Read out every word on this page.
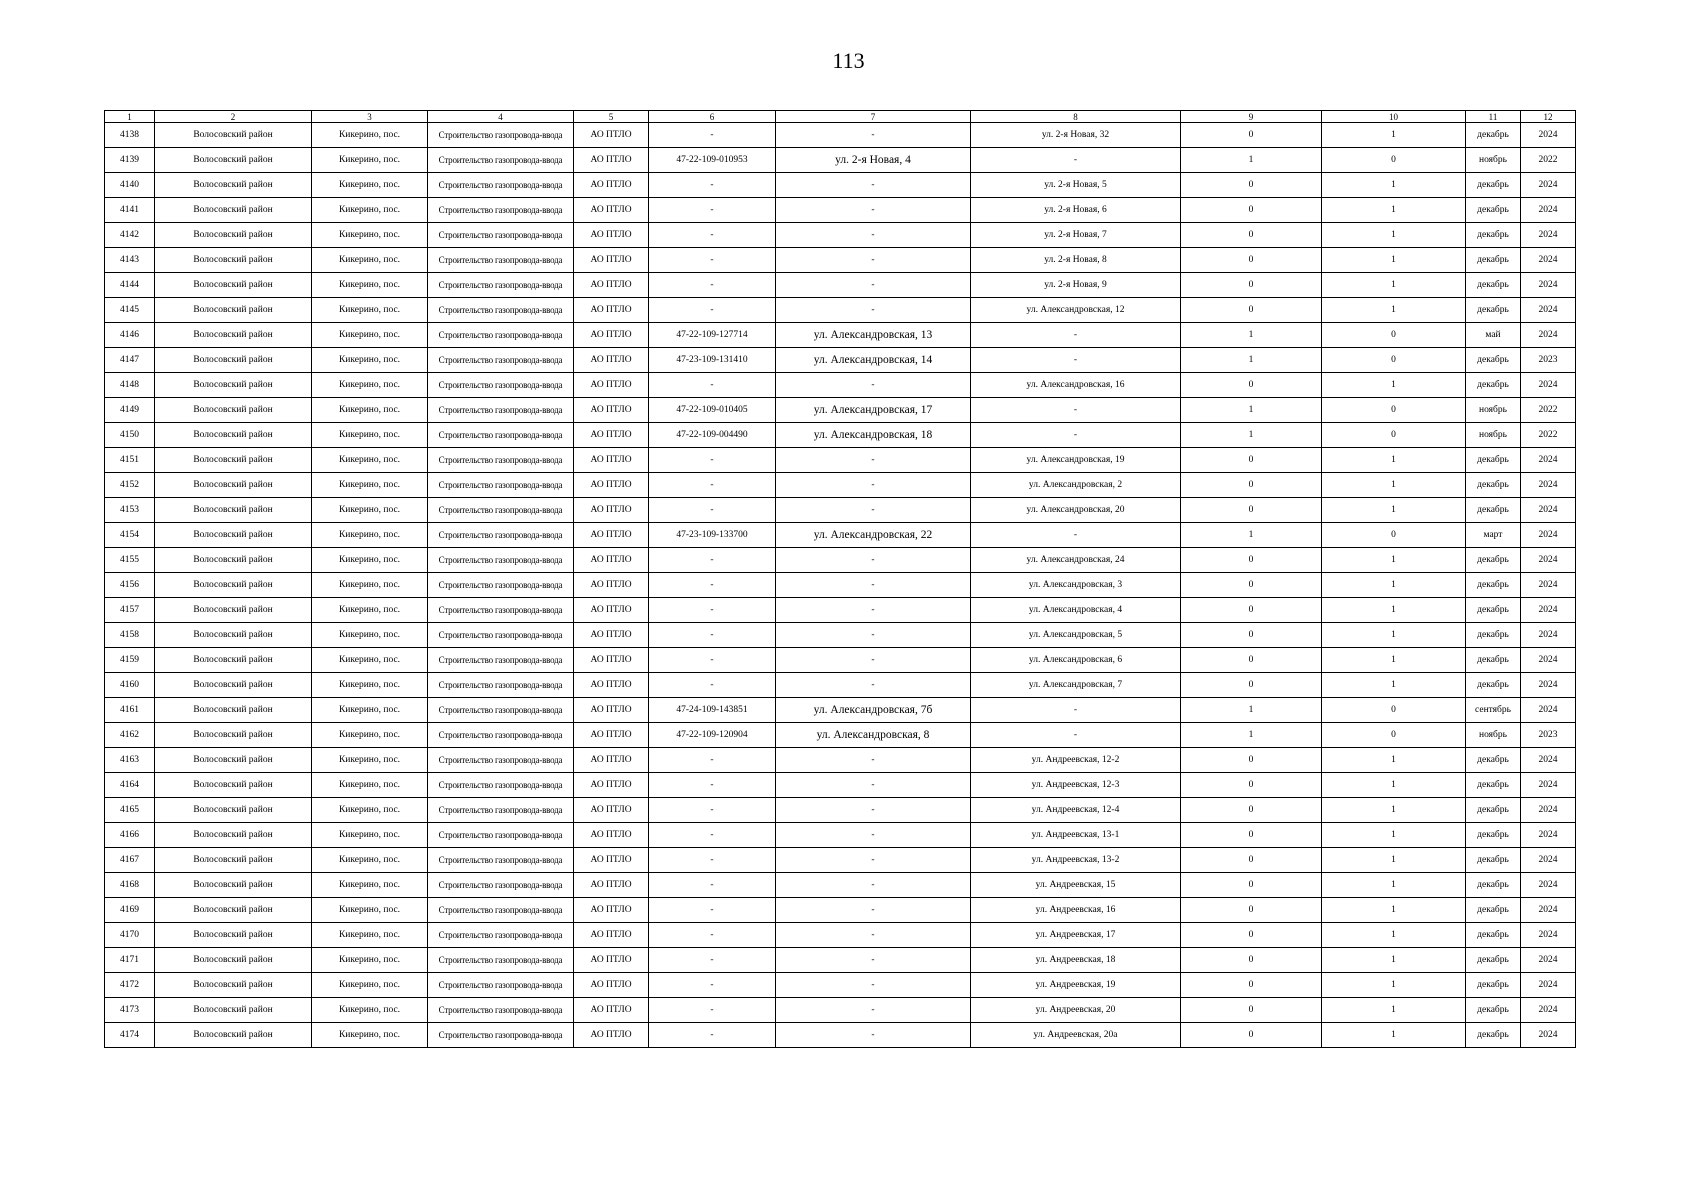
113
1	2	3	4	5	6	7	8	9	10	11	12
4138	Волосовский район	Кикерино, пос.	Строительство газопровода-ввода	АО ПТЛО	-	-	ул. 2-я Новая, 32	0	1	декабрь	2024
4139	Волосовский район	Кикерино, пос.	Строительство газопровода-ввода	АО ПТЛО	47-22-109-010953	ул. 2-я Новая, 4	-	1	0	ноябрь	2022
4140	Волосовский район	Кикерино, пос.	Строительство газопровода-ввода	АО ПТЛО	-	-	ул. 2-я Новая, 5	0	1	декабрь	2024
4141	Волосовский район	Кикерино, пос.	Строительство газопровода-ввода	АО ПТЛО	-	-	ул. 2-я Новая, 6	0	1	декабрь	2024
4142	Волосовский район	Кикерино, пос.	Строительство газопровода-ввода	АО ПТЛО	-	-	ул. 2-я Новая, 7	0	1	декабрь	2024
4143	Волосовский район	Кикерино, пос.	Строительство газопровода-ввода	АО ПТЛО	-	-	ул. 2-я Новая, 8	0	1	декабрь	2024
4144	Волосовский район	Кикерино, пос.	Строительство газопровода-ввода	АО ПТЛО	-	-	ул. 2-я Новая, 9	0	1	декабрь	2024
4145	Волосовский район	Кикерино, пос.	Строительство газопровода-ввода	АО ПТЛО	-	-	ул. Александровская, 12	0	1	декабрь	2024
4146	Волосовский район	Кикерино, пос.	Строительство газопровода-ввода	АО ПТЛО	47-22-109-127714	ул. Александровская, 13	-	1	0	май	2024
4147	Волосовский район	Кикерино, пос.	Строительство газопровода-ввода	АО ПТЛО	47-23-109-131410	ул. Александровская, 14	-	1	0	декабрь	2023
4148	Волосовский район	Кикерино, пос.	Строительство газопровода-ввода	АО ПТЛО	-	-	ул. Александровская, 16	0	1	декабрь	2024
4149	Волосовский район	Кикерино, пос.	Строительство газопровода-ввода	АО ПТЛО	47-22-109-010405	ул. Александровская, 17	-	1	0	ноябрь	2022
4150	Волосовский район	Кикерино, пос.	Строительство газопровода-ввода	АО ПТЛО	47-22-109-004490	ул. Александровская, 18	-	1	0	ноябрь	2022
4151	Волосовский район	Кикерино, пос.	Строительство газопровода-ввода	АО ПТЛО	-	-	ул. Александровская, 19	0	1	декабрь	2024
4152	Волосовский район	Кикерино, пос.	Строительство газопровода-ввода	АО ПТЛО	-	-	ул. Александровская, 2	0	1	декабрь	2024
4153	Волосовский район	Кикерино, пос.	Строительство газопровода-ввода	АО ПТЛО	-	-	ул. Александровская, 20	0	1	декабрь	2024
4154	Волосовский район	Кикерино, пос.	Строительство газопровода-ввода	АО ПТЛО	47-23-109-133700	ул. Александровская, 22	-	1	0	март	2024
4155	Волосовский район	Кикерино, пос.	Строительство газопровода-ввода	АО ПТЛО	-	-	ул. Александровская, 24	0	1	декабрь	2024
4156	Волосовский район	Кикерино, пос.	Строительство газопровода-ввода	АО ПТЛО	-	-	ул. Александровская, 3	0	1	декабрь	2024
4157	Волосовский район	Кикерино, пос.	Строительство газопровода-ввода	АО ПТЛО	-	-	ул. Александровская, 4	0	1	декабрь	2024
4158	Волосовский район	Кикерино, пос.	Строительство газопровода-ввода	АО ПТЛО	-	-	ул. Александровская, 5	0	1	декабрь	2024
4159	Волосовский район	Кикерино, пос.	Строительство газопровода-ввода	АО ПТЛО	-	-	ул. Александровская, 6	0	1	декабрь	2024
4160	Волосовский район	Кикерино, пос.	Строительство газопровода-ввода	АО ПТЛО	-	-	ул. Александровская, 7	0	1	декабрь	2024
4161	Волосовский район	Кикерино, пос.	Строительство газопровода-ввода	АО ПТЛО	47-24-109-143851	ул. Александровская, 7б	-	1	0	сентябрь	2024
4162	Волосовский район	Кикерино, пос.	Строительство газопровода-ввода	АО ПТЛО	47-22-109-120904	ул. Александровская, 8	-	1	0	ноябрь	2023
4163	Волосовский район	Кикерино, пос.	Строительство газопровода-ввода	АО ПТЛО	-	-	ул. Андреевская, 12-2	0	1	декабрь	2024
4164	Волосовский район	Кикерино, пос.	Строительство газопровода-ввода	АО ПТЛО	-	-	ул. Андреевская, 12-3	0	1	декабрь	2024
4165	Волосовский район	Кикерино, пос.	Строительство газопровода-ввода	АО ПТЛО	-	-	ул. Андреевская, 12-4	0	1	декабрь	2024
4166	Волосовский район	Кикерино, пос.	Строительство газопровода-ввода	АО ПТЛО	-	-	ул. Андреевская, 13-1	0	1	декабрь	2024
4167	Волосовский район	Кикерино, пос.	Строительство газопровода-ввода	АО ПТЛО	-	-	ул. Андреевская, 13-2	0	1	декабрь	2024
4168	Волосовский район	Кикерино, пос.	Строительство газопровода-ввода	АО ПТЛО	-	-	ул. Андреевская, 15	0	1	декабрь	2024
4169	Волосовский район	Кикерино, пос.	Строительство газопровода-ввода	АО ПТЛО	-	-	ул. Андреевская, 16	0	1	декабрь	2024
4170	Волосовский район	Кикерино, пос.	Строительство газопровода-ввода	АО ПТЛО	-	-	ул. Андреевская, 17	0	1	декабрь	2024
4171	Волосовский район	Кикерино, пос.	Строительство газопровода-ввода	АО ПТЛО	-	-	ул. Андреевская, 18	0	1	декабрь	2024
4172	Волосовский район	Кикерино, пос.	Строительство газопровода-ввода	АО ПТЛО	-	-	ул. Андреевская, 19	0	1	декабрь	2024
4173	Волосовский район	Кикерино, пос.	Строительство газопровода-ввода	АО ПТЛО	-	-	ул. Андреевская, 20	0	1	декабрь	2024
4174	Волосовский район	Кикерино, пос.	Строительство газопровода-ввода	АО ПТЛО	-	-	ул. Андреевская, 20а	0	1	декабрь	2024
